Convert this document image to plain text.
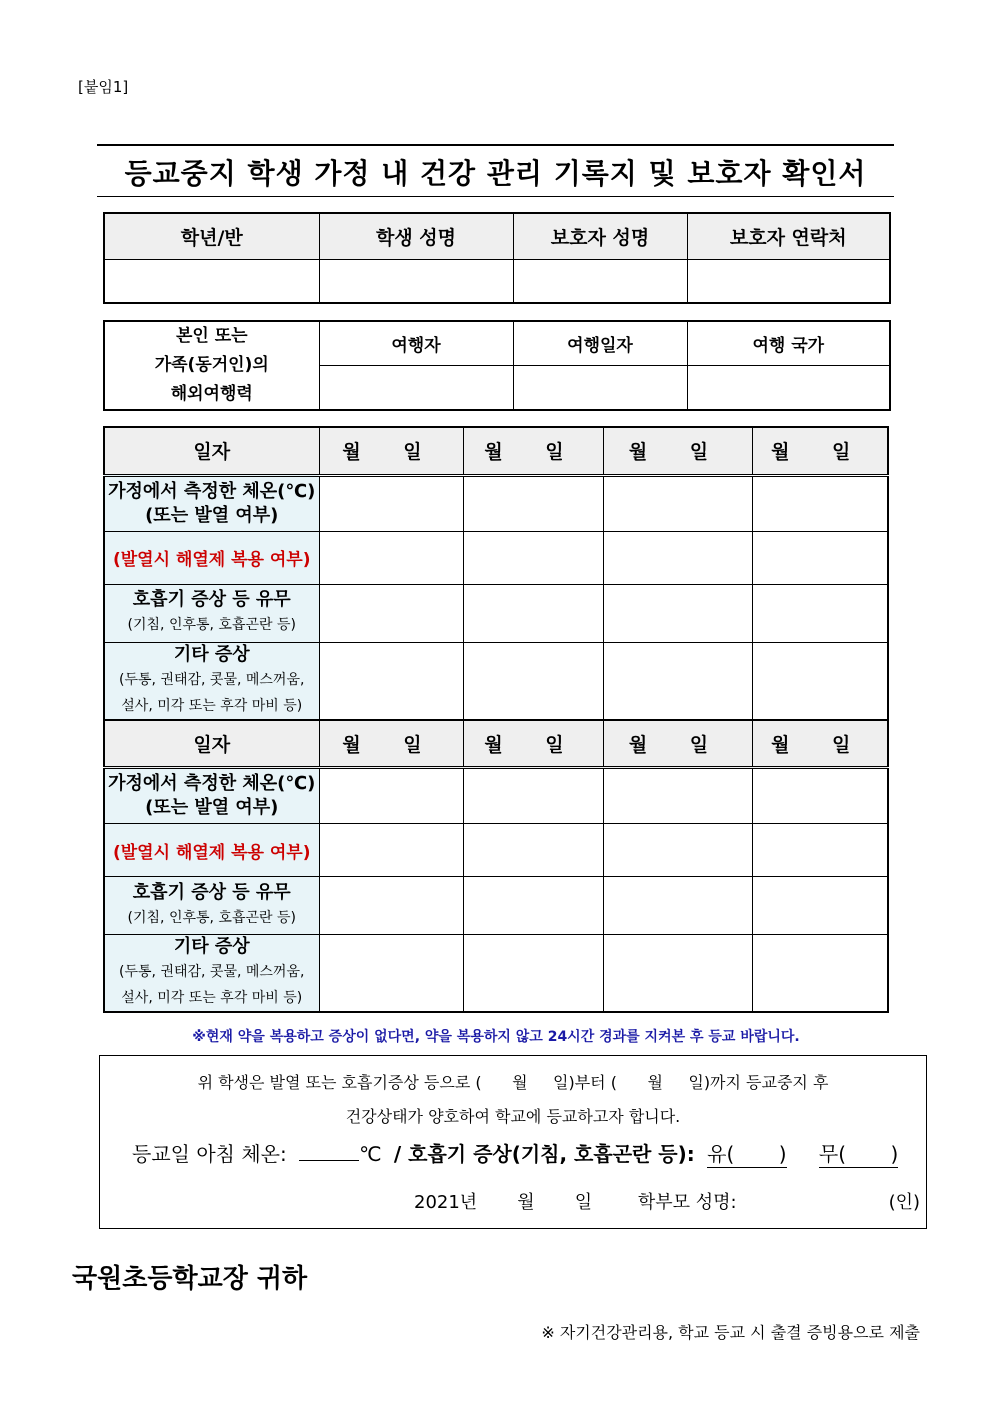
[붙임1]
등교중지 학생 가정 내 건강 관리 기록지 및 보호자 확인서
학년/반	학생 성명	보호자 성명	보호자 연락처

본인 또는
가족(동거인)의
해외여행력	여행자	여행일자	여행 국가

일자	월 일	월 일	월 일	월 일

가정에서 측정한 체온(℃)
(또는 발열 여부)				

(발열시 해열제 복용 여부)				

호흡기 증상 등 유무
(기침, 인후통, 호흡곤란 등)				

기타 증상
(두통, 권태감, 콧물, 메스꺼움,
설사, 미각 또는 후각 마비 등)				

일자	월 일	월 일	월 일	월 일

가정에서 측정한 체온(℃)
(또는 발열 여부)				

(발열시 해열제 복용 여부)				

호흡기 증상 등 유무
(기침, 인후통, 호흡곤란 등)				

기타 증상
(두통, 권태감, 콧물, 메스꺼움,
설사, 미각 또는 후각 마비 등)				

※현재 약을 복용하고 증상이 없다면, 약을 복용하지 않고 24시간 경과를 지켜본 후 등교 바랍니다.
위 학생은 발열 또는 호흡기증상 등으로 (      월     일)부터 (      월     일)까지 등교중지 후
건강상태가 양호하여 학교에 등교하고자 합니다.
등교일 아침 체온:	℃ / 호흡기 증상(기침, 호흡곤란 등): 유(       ) 무(       )
2021년       월       일        학부모 성명:	(인)
국원초등학교장 귀하
※ 자기건강관리용, 학교 등교 시 출결 증빙용으로 제출
